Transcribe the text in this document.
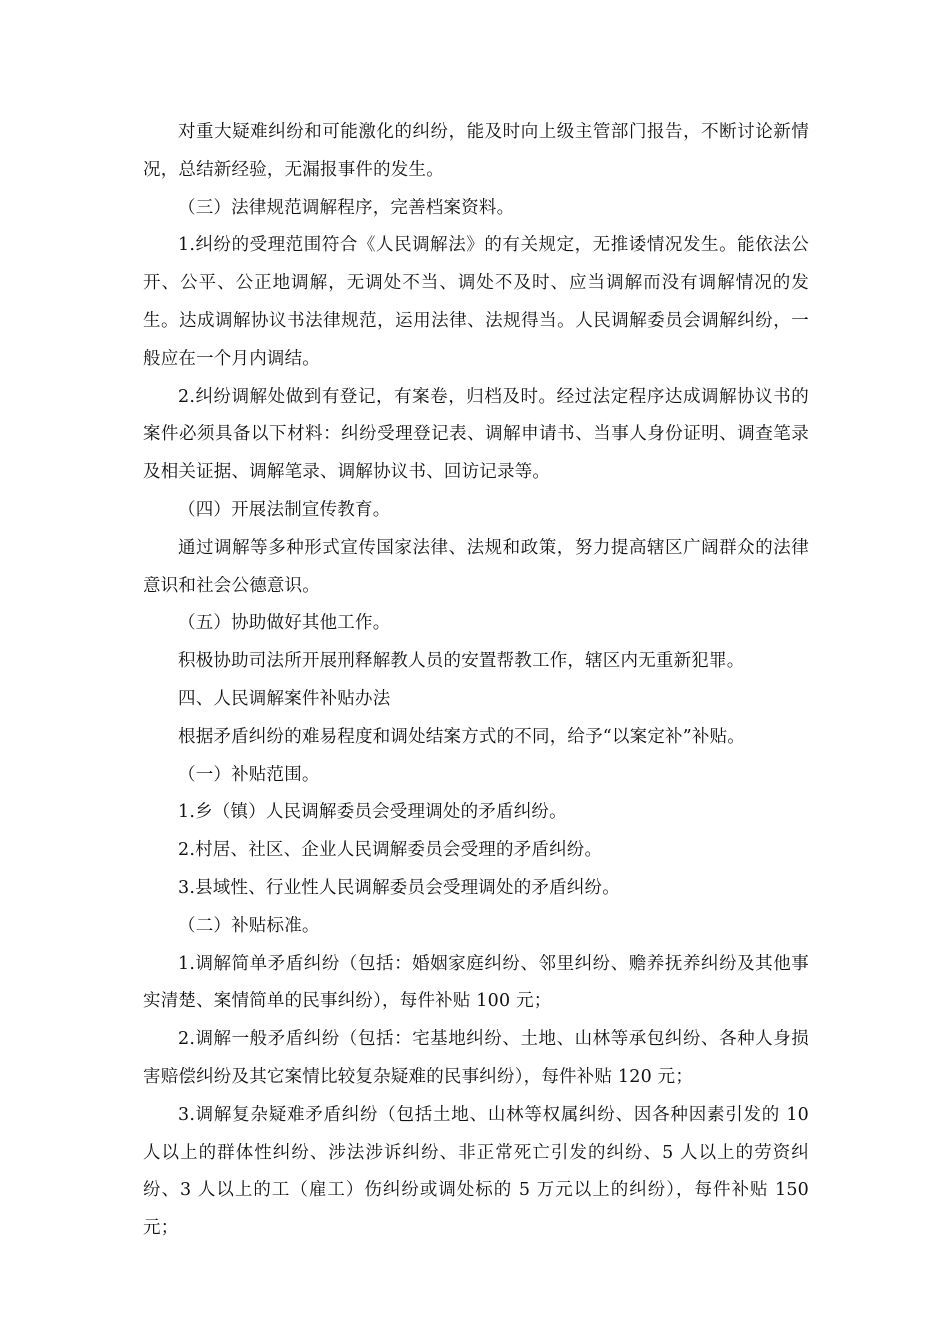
对重大疑难纠纷和可能激化的纠纷，能及时向上级主管部门报告，不断讨论新情况，总结新经验，无漏报事件的发生。

（三）法律规范调解程序，完善档案资料。

1.纠纷的受理范围符合《人民调解法》的有关规定，无推诿情况发生。能依法公开、公平、公正地调解，无调处不当、调处不及时、应当调解而没有调解情况的发生。达成调解协议书法律规范，运用法律、法规得当。人民调解委员会调解纠纷，一般应在一个月内调结。

2.纠纷调解处做到有登记，有案卷，归档及时。经过法定程序达成调解协议书的案件必须具备以下材料：纠纷受理登记表、调解申请书、当事人身份证明、调查笔录及相关证据、调解笔录、调解协议书、回访记录等。

（四）开展法制宣传教育。

通过调解等多种形式宣传国家法律、法规和政策，努力提高辖区广阔群众的法律意识和社会公德意识。

（五）协助做好其他工作。

积极协助司法所开展刑释解教人员的安置帮教工作，辖区内无重新犯罪。

四、人民调解案件补贴办法

根据矛盾纠纷的难易程度和调处结案方式的不同，给予“以案定补”补贴。

（一）补贴范围。

1.乡（镇）人民调解委员会受理调处的矛盾纠纷。

2.村居、社区、企业人民调解委员会受理的矛盾纠纷。

3.县域性、行业性人民调解委员会受理调处的矛盾纠纷。

（二）补贴标准。

1.调解简单矛盾纠纷（包括：婚姻家庭纠纷、邻里纠纷、赡养抚养纠纷及其他事实清楚、案情简单的民事纠纷），每件补贴 100 元；

2.调解一般矛盾纠纷（包括：宅基地纠纷、土地、山林等承包纠纷、各种人身损害赔偿纠纷及其它案情比较复杂疑难的民事纠纷），每件补贴 120 元；

3.调解复杂疑难矛盾纠纷（包括土地、山林等权属纠纷、因各种因素引发的 10 人以上的群体性纠纷、涉法涉诉纠纷、非正常死亡引发的纠纷、5 人以上的劳资纠纷、3 人以上的工（雇工）伤纠纷或调处标的 5 万元以上的纠纷），每件补贴 150 元；
